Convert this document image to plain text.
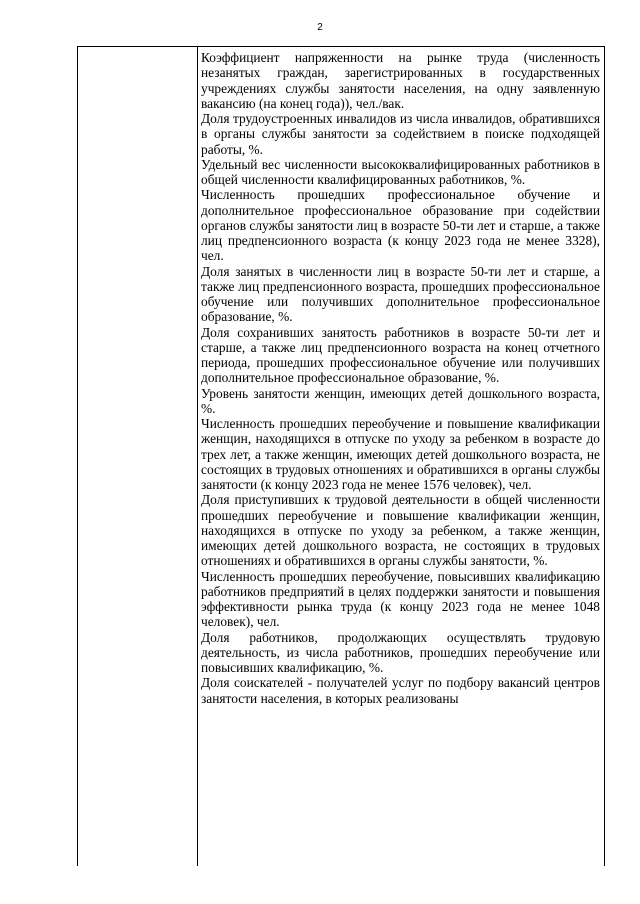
2

Коэффициент напряженности на рынке труда (численность незанятых граждан, зарегистрированных в государственных учреждениях службы занятости населения, на одну заявленную вакансию (на конец года)), чел./вак.

Доля трудоустроенных инвалидов из числа инвалидов, обратившихся в органы службы занятости за содействием в поиске подходящей работы, %.

Удельный вес численности высококвалифицированных работников в общей численности квалифицированных работников, %.

Численность прошедших профессиональное обучение и дополнительное профессиональное образование при содействии органов службы занятости лиц в возрасте 50-ти лет и старше, а также лиц предпенсионного возраста (к концу 2023 года не менее 3328), чел.

Доля занятых в численности лиц в возрасте 50-ти лет и старше, а также лиц предпенсионного возраста, прошедших профессиональное обучение или получивших дополнительное профессиональное образование, %.

Доля сохранивших занятость работников в возрасте 50-ти лет и старше, а также лиц предпенсионного возраста на конец отчетного периода, прошедших профессиональное обучение или получивших дополнительное профессиональное образование, %.

Уровень занятости женщин, имеющих детей дошкольного возраста, %.

Численность прошедших переобучение и повышение квалификации женщин, находящихся в отпуске по уходу за ребенком в возрасте до трех лет, а также женщин, имеющих детей дошкольного возраста, не состоящих в трудовых отношениях и обратившихся в органы службы занятости (к концу 2023 года не менее 1576 человек), чел.

Доля приступивших к трудовой деятельности в общей численности прошедших переобучение и повышение квалификации женщин, находящихся в отпуске по уходу за ребенком, а также женщин, имеющих детей дошкольного возраста, не состоящих в трудовых отношениях и обратившихся в органы службы занятости, %.

Численность прошедших переобучение, повысивших квалификацию работников предприятий в целях поддержки занятости и повышения эффективности рынка труда (к концу 2023 года не менее 1048 человек), чел.

Доля работников, продолжающих осуществлять трудовую деятельность, из числа работников, прошедших переобучение или повысивших квалификацию, %.

Доля соискателей - получателей услуг по подбору вакансий центров занятости населения, в которых реализованы
